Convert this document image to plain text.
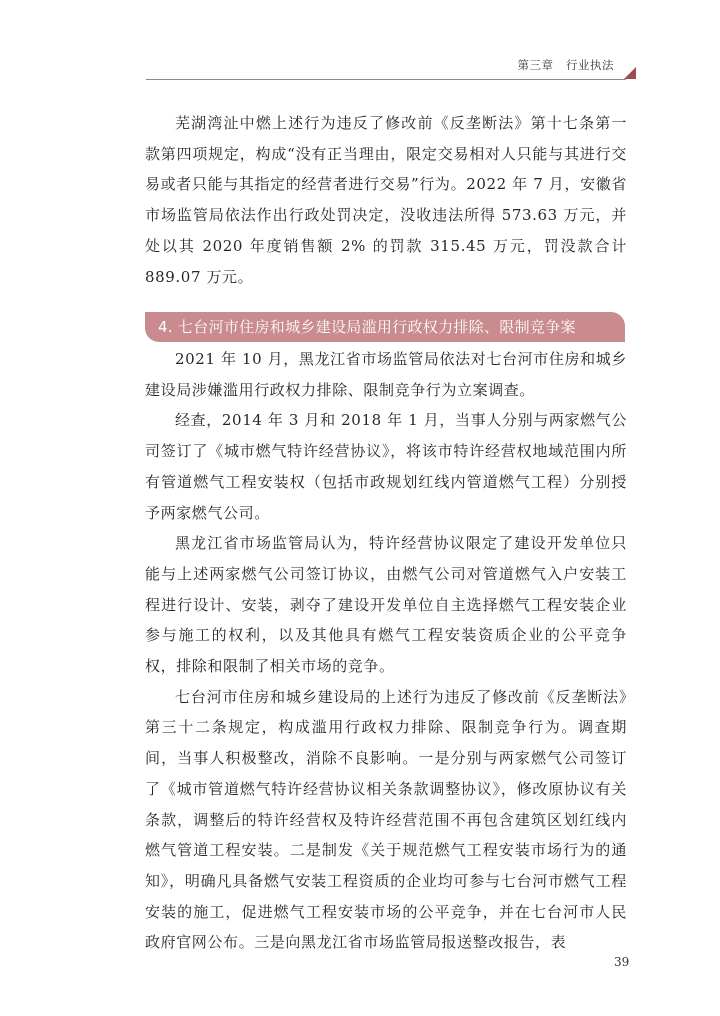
第三章 行业执法

芜湖湾沚中燃上述行为违反了修改前《反垄断法》第十七条第一款第四项规定，构成“没有正当理由，限定交易相对人只能与其进行交易或者只能与其指定的经营者进行交易”行为。2022 年 7 月，安徽省市场监管局依法作出行政处罚决定，没收违法所得 573.63 万元，并处以其 2020 年度销售额 2% 的罚款 315.45 万元，罚没款合计 889.07 万元。

4. 七台河市住房和城乡建设局滥用行政权力排除、限制竞争案

2021 年 10 月，黑龙江省市场监管局依法对七台河市住房和城乡建设局涉嫌滥用行政权力排除、限制竞争行为立案调查。

经查，2014 年 3 月和 2018 年 1 月，当事人分别与两家燃气公司签订了《城市燃气特许经营协议》，将该市特许经营权地域范围内所有管道燃气工程安装权（包括市政规划红线内管道燃气工程）分别授予两家燃气公司。

黑龙江省市场监管局认为，特许经营协议限定了建设开发单位只能与上述两家燃气公司签订协议，由燃气公司对管道燃气入户安装工程进行设计、安装，剥夺了建设开发单位自主选择燃气工程安装企业参与施工的权利，以及其他具有燃气工程安装资质企业的公平竞争权，排除和限制了相关市场的竞争。

七台河市住房和城乡建设局的上述行为违反了修改前《反垄断法》第三十二条规定，构成滥用行政权力排除、限制竞争行为。调查期间，当事人积极整改，消除不良影响。一是分别与两家燃气公司签订了《城市管道燃气特许经营协议相关条款调整协议》，修改原协议有关条款，调整后的特许经营权及特许经营范围不再包含建筑区划红线内燃气管道工程安装。二是制发《关于规范燃气工程安装市场行为的通知》，明确凡具备燃气安装工程资质的企业均可参与七台河市燃气工程安装的施工，促进燃气工程安装市场的公平竞争，并在七台河市人民政府官网公布。三是向黑龙江省市场监管局报送整改报告，表

39
